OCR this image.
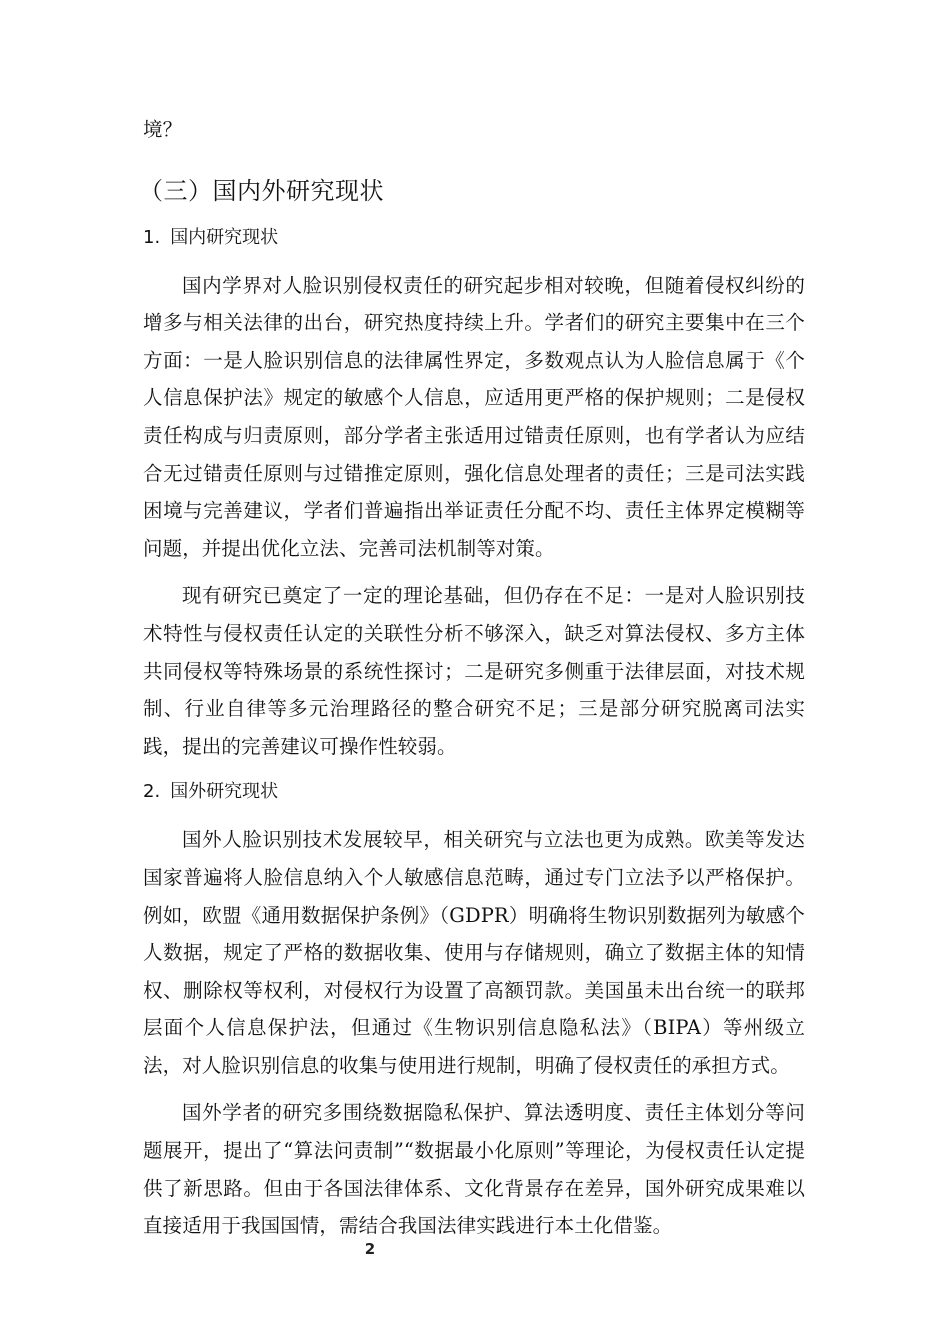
境？

（三）国内外研究现状
1. 国内研究现状

国内学界对人脸识别侵权责任的研究起步相对较晚，但随着侵权纠纷的增多与相关法律的出台，研究热度持续上升。学者们的研究主要集中在三个方面：一是人脸识别信息的法律属性界定，多数观点认为人脸信息属于《个人信息保护法》规定的敏感个人信息，应适用更严格的保护规则；二是侵权责任构成与归责原则，部分学者主张适用过错责任原则，也有学者认为应结合无过错责任原则与过错推定原则，强化信息处理者的责任；三是司法实践困境与完善建议，学者们普遍指出举证责任分配不均、责任主体界定模糊等问题，并提出优化立法、完善司法机制等对策。

现有研究已奠定了一定的理论基础，但仍存在不足：一是对人脸识别技术特性与侵权责任认定的关联性分析不够深入，缺乏对算法侵权、多方主体共同侵权等特殊场景的系统性探讨；二是研究多侧重于法律层面，对技术规制、行业自律等多元治理路径的整合研究不足；三是部分研究脱离司法实践，提出的完善建议可操作性较弱。

2. 国外研究现状

国外人脸识别技术发展较早，相关研究与立法也更为成熟。欧美等发达国家普遍将人脸信息纳入个人敏感信息范畴，通过专门立法予以严格保护。例如，欧盟《通用数据保护条例》（GDPR）明确将生物识别数据列为敏感个人数据，规定了严格的数据收集、使用与存储规则，确立了数据主体的知情权、删除权等权利，对侵权行为设置了高额罚款。美国虽未出台统一的联邦层面个人信息保护法，但通过《生物识别信息隐私法》（BIPA）等州级立法，对人脸识别信息的收集与使用进行规制，明确了侵权责任的承担方式。

国外学者的研究多围绕数据隐私保护、算法透明度、责任主体划分等问题展开，提出了“算法问责制”“数据最小化原则”等理论，为侵权责任认定提供了新思路。但由于各国法律体系、文化背景存在差异，国外研究成果难以直接适用于我国国情，需结合我国法律实践进行本土化借鉴。

2
